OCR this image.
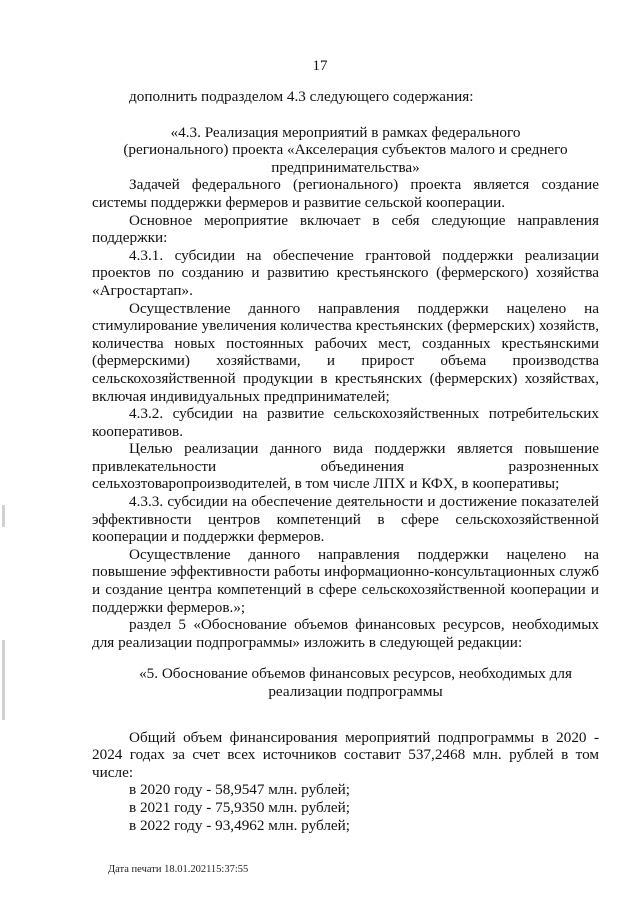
17

дополнить подразделом 4.3 следующего содержания:

«4.3. Реализация мероприятий в рамках федерального (регионального) проекта «Акселерация субъектов малого и среднего предпринимательства»

Задачей федерального (регионального) проекта является создание системы поддержки фермеров и развитие сельской кооперации.

Основное мероприятие включает в себя следующие направления поддержки:

4.3.1. субсидии на обеспечение грантовой поддержки реализации проектов по созданию и развитию крестьянского (фермерского) хозяйства «Агростартап».

Осуществление данного направления поддержки нацелено на стимулирование увеличения количества крестьянских (фермерских) хозяйств, количества новых постоянных рабочих мест, созданных крестьянскими (фермерскими) хозяйствами, и прирост объема производства сельскохозяйственной продукции в крестьянских (фермерских) хозяйствах, включая индивидуальных предпринимателей;

4.3.2. субсидии на развитие сельскохозяйственных потребительских кооперативов.

Целью реализации данного вида поддержки является повышение привлекательности объединения разрозненных сельхозтоваропроизводителей, в том числе ЛПХ и КФХ, в кооперативы;

4.3.3. субсидии на обеспечение деятельности и достижение показателей эффективности центров компетенций в сфере сельскохозяйственной кооперации и поддержки фермеров.

Осуществление данного направления поддержки нацелено на повышение эффективности работы информационно-консультационных служб и создание центра компетенций в сфере сельскохозяйственной кооперации и поддержки фермеров.»;

раздел 5 «Обоснование объемов финансовых ресурсов, необходимых для реализации подпрограммы» изложить в следующей редакции:

«5. Обоснование объемов финансовых ресурсов, необходимых для реализации подпрограммы

Общий объем финансирования мероприятий подпрограммы в 2020 - 2024 годах за счет всех источников составит 537,2468 млн. рублей в том числе:

в 2020 году - 58,9547 млн. рублей;

в 2021 году - 75,9350 млн. рублей;

в 2022 году - 93,4962 млн. рублей;

Дата печати 18.01.202115:37:55
